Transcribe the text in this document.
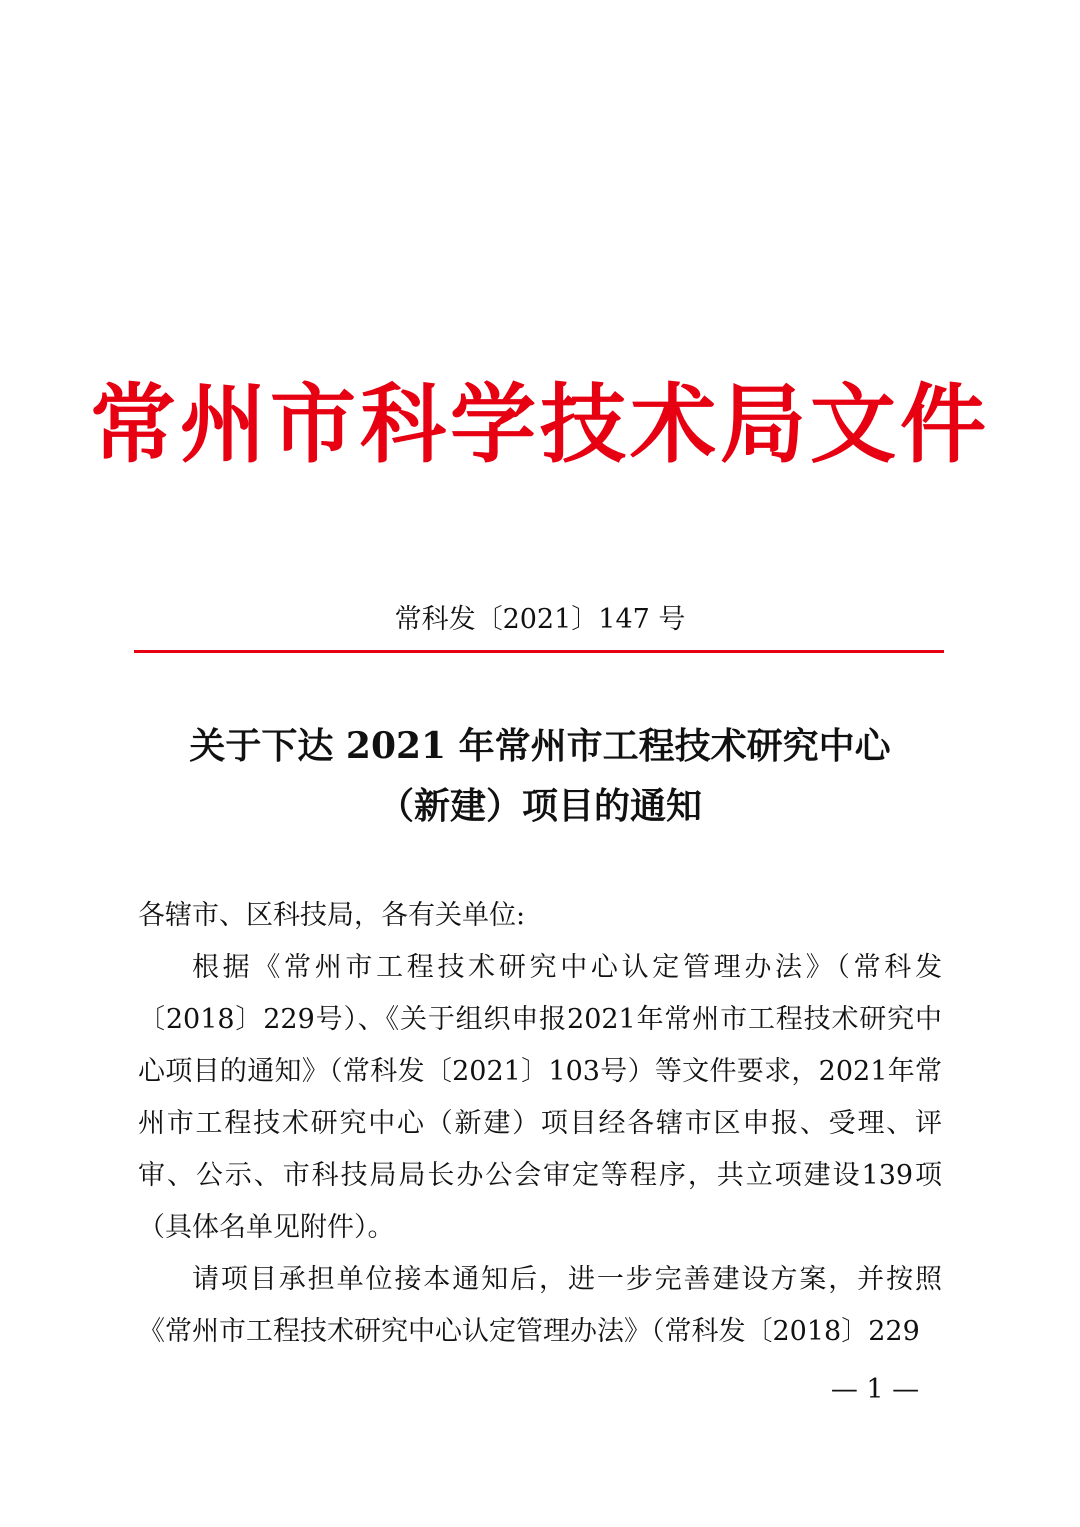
常州市科学技术局文件
常科发〔2021〕147 号
关于下达 2021 年常州市工程技术研究中心
（新建）项目的通知

各辖市、区科技局，各有关单位:

根据《常州市工程技术研究中心认定管理办法》（常科发〔2018〕229号）、《关于组织申报2021年常州市工程技术研究中心项目的通知》（常科发〔2021〕103号）等文件要求，2021年常州市工程技术研究中心（新建）项目经各辖市区申报、受理、评审、公示、市科技局局长办公会审定等程序，共立项建设139项（具体名单见附件）。

请项目承担单位接本通知后，进一步完善建设方案，并按照《常州市工程技术研究中心认定管理办法》（常科发〔2018〕229

— 1 —
